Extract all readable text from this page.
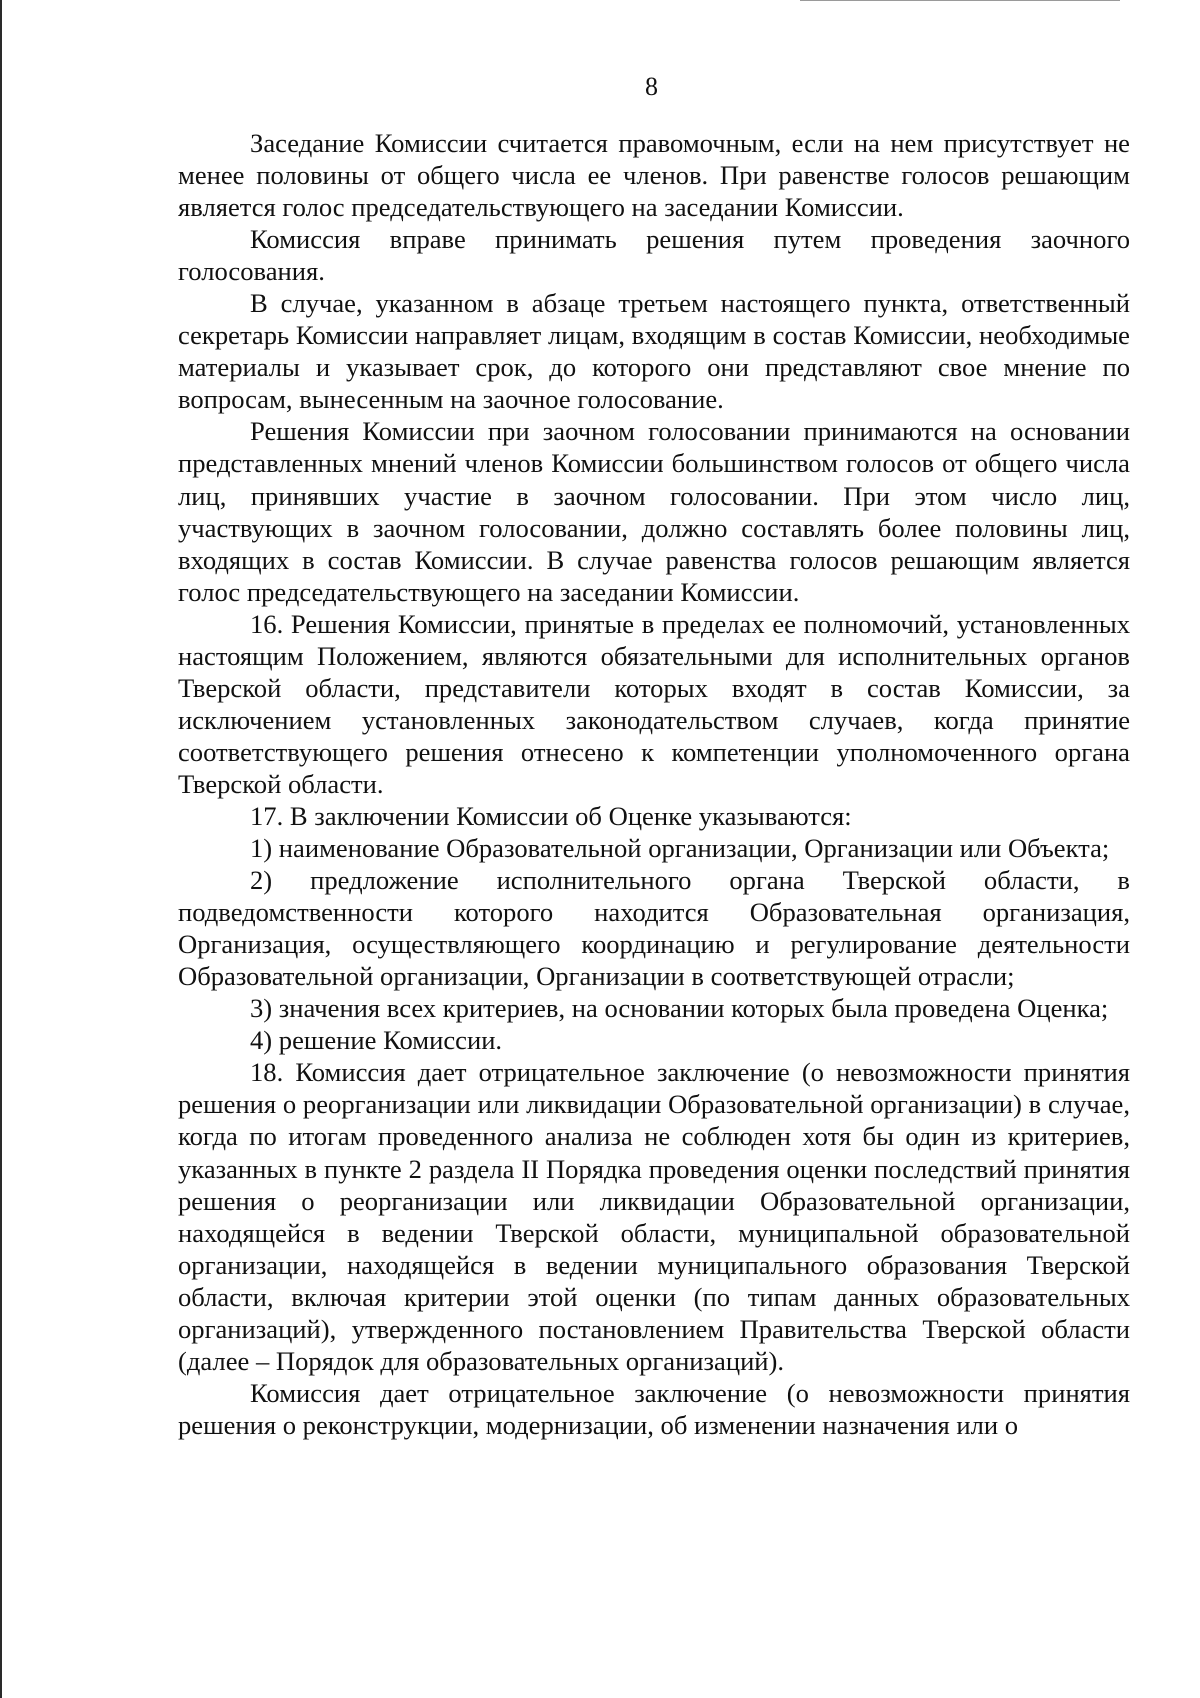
8

Заседание Комиссии считается правомочным, если на нем присутствует не менее половины от общего числа ее членов. При равенстве голосов решающим является голос председательствующего на заседании Комиссии.

Комиссия вправе принимать решения путем проведения заочного голосования.

В случае, указанном в абзаце третьем настоящего пункта, ответственный секретарь Комиссии направляет лицам, входящим в состав Комиссии, необходимые материалы и указывает срок, до которого они представляют свое мнение по вопросам, вынесенным на заочное голосование.

Решения Комиссии при заочном голосовании принимаются на основании представленных мнений членов Комиссии большинством голосов от общего числа лиц, принявших участие в заочном голосовании. При этом число лиц, участвующих в заочном голосовании, должно составлять более половины лиц, входящих в состав Комиссии. В случае равенства голосов решающим является голос председательствующего на заседании Комиссии.

16. Решения Комиссии, принятые в пределах ее полномочий, установленных настоящим Положением, являются обязательными для исполнительных органов Тверской области, представители которых входят в состав Комиссии, за исключением установленных законодательством случаев, когда принятие соответствующего решения отнесено к компетенции уполномоченного органа Тверской области.

17. В заключении Комиссии об Оценке указываются:

1) наименование Образовательной организации, Организации или Объекта;

2) предложение исполнительного органа Тверской области, в подведомственности которого находится Образовательная организация, Организация, осуществляющего координацию и регулирование деятельности Образовательной организации, Организации в соответствующей отрасли;

3) значения всех критериев, на основании которых была проведена Оценка;

4) решение Комиссии.

18. Комиссия дает отрицательное заключение (о невозможности принятия решения о реорганизации или ликвидации Образовательной организации) в случае, когда по итогам проведенного анализа не соблюден хотя бы один из критериев, указанных в пункте 2 раздела II Порядка проведения оценки последствий принятия решения о реорганизации или ликвидации Образовательной организации, находящейся в ведении Тверской области, муниципальной образовательной организации, находящейся в ведении муниципального образования Тверской области, включая критерии этой оценки (по типам данных образовательных организаций), утвержденного постановлением Правительства Тверской области (далее – Порядок для образовательных организаций).

Комиссия дает отрицательное заключение (о невозможности принятия решения о реконструкции, модернизации, об изменении назначения или о
